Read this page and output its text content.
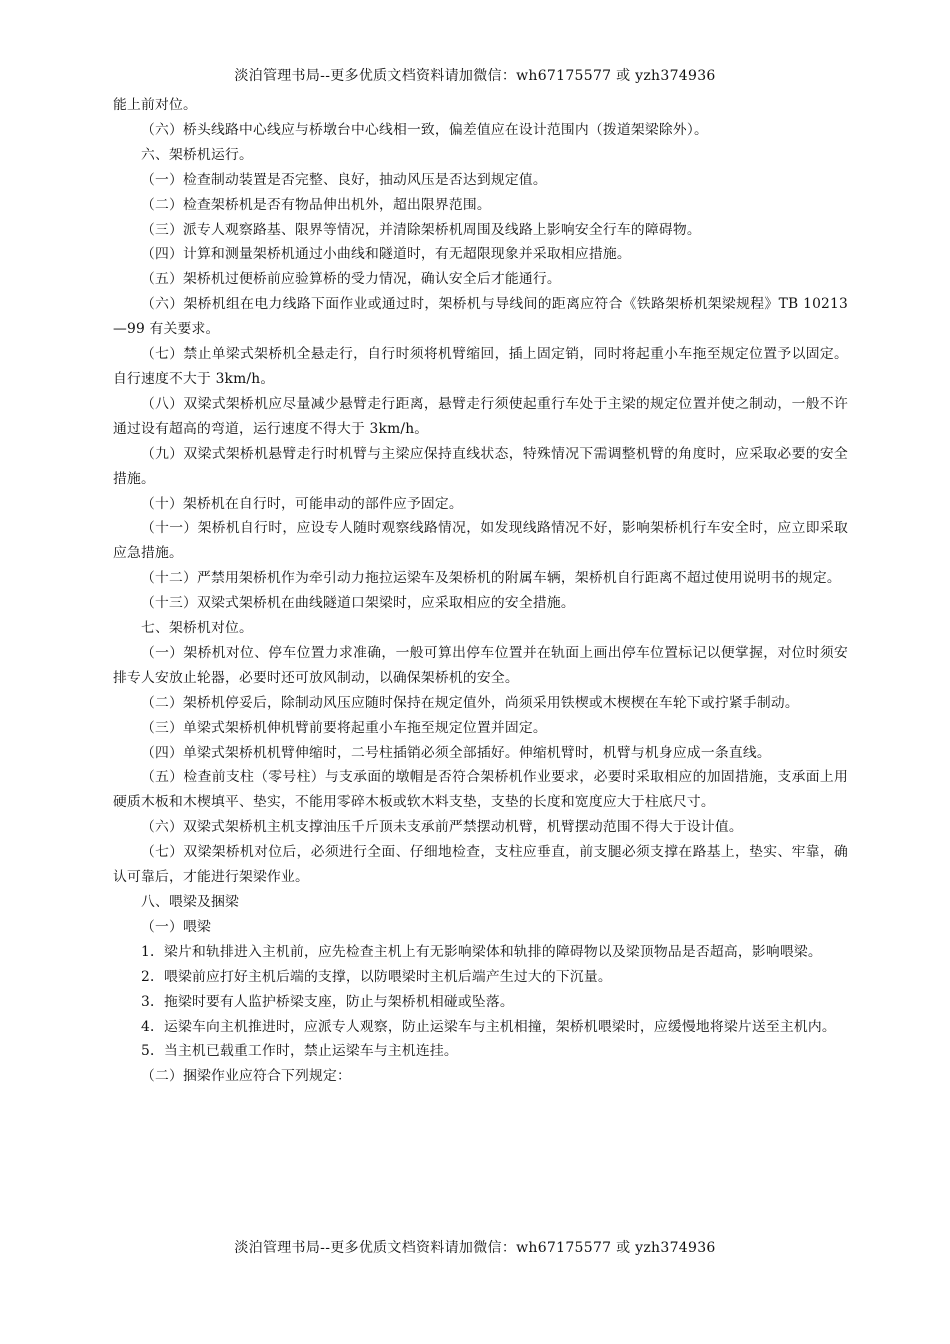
淡泊管理书局--更多优质文档资料请加微信：wh67175577 或 yzh374936

能上前对位。

（六）桥头线路中心线应与桥墩台中心线相一致，偏差值应在设计范围内（拨道架梁除外）。

六、架桥机运行。

（一）检查制动装置是否完整、良好，抽动风压是否达到规定值。

（二）检查架桥机是否有物品伸出机外，超出限界范围。

（三）派专人观察路基、限界等情况，并清除架桥机周围及线路上影响安全行车的障碍物。

（四）计算和测量架桥机通过小曲线和隧道时，有无超限现象并采取相应措施。

（五）架桥机过便桥前应验算桥的受力情况，确认安全后才能通行。

（六）架桥机组在电力线路下面作业或通过时，架桥机与导线间的距离应符合《铁路架桥机架梁规程》TB 10213—99 有关要求。

（七）禁止单梁式架桥机全悬走行，自行时须将机臂缩回，插上固定销，同时将起重小车拖至规定位置予以固定。自行速度不大于 3km/h。

（八）双梁式架桥机应尽量减少悬臂走行距离，悬臂走行须使起重行车处于主梁的规定位置并使之制动，一般不许通过设有超高的弯道，运行速度不得大于 3km/h。

（九）双梁式架桥机悬臂走行时机臂与主梁应保持直线状态，特殊情况下需调整机臂的角度时，应采取必要的安全措施。

（十）架桥机在自行时，可能串动的部件应予固定。

（十一）架桥机自行时，应设专人随时观察线路情况，如发现线路情况不好，影响架桥机行车安全时，应立即采取应急措施。

（十二）严禁用架桥机作为牵引动力拖拉运梁车及架桥机的附属车辆，架桥机自行距离不超过使用说明书的规定。

（十三）双梁式架桥机在曲线隧道口架梁时，应采取相应的安全措施。

七、架桥机对位。

（一）架桥机对位、停车位置力求准确，一般可算出停车位置并在轨面上画出停车位置标记以便掌握，对位时须安排专人安放止轮器，必要时还可放风制动，以确保架桥机的安全。

（二）架桥机停妥后，除制动风压应随时保持在规定值外，尚须采用铁楔或木楔楔在车轮下或拧紧手制动。

（三）单梁式架桥机伸机臂前要将起重小车拖至规定位置并固定。

（四）单梁式架桥机机臂伸缩时，二号柱插销必须全部插好。伸缩机臂时，机臂与机身应成一条直线。

（五）检查前支柱（零号柱）与支承面的墩帽是否符合架桥机作业要求，必要时采取相应的加固措施，支承面上用硬质木板和木楔填平、垫实，不能用零碎木板或软木料支垫，支垫的长度和宽度应大于柱底尺寸。

（六）双梁式架桥机主机支撑油压千斤顶未支承前严禁摆动机臂，机臂摆动范围不得大于设计值。

（七）双梁架桥机对位后，必须进行全面、仔细地检查，支柱应垂直，前支腿必须支撑在路基上，垫实、牢靠，确认可靠后，才能进行架梁作业。

八、喂梁及捆梁

（一）喂梁

1．梁片和轨排进入主机前，应先检查主机上有无影响梁体和轨排的障碍物以及梁顶物品是否超高，影响喂梁。

2．喂梁前应打好主机后端的支撑，以防喂梁时主机后端产生过大的下沉量。

3．拖梁时要有人监护桥梁支座，防止与架桥机相碰或坠落。

4．运梁车向主机推进时，应派专人观察，防止运梁车与主机相撞，架桥机喂梁时，应缓慢地将梁片送至主机内。

5．当主机已载重工作时，禁止运梁车与主机连挂。

（二）捆梁作业应符合下列规定：

淡泊管理书局--更多优质文档资料请加微信：wh67175577 或 yzh374936
